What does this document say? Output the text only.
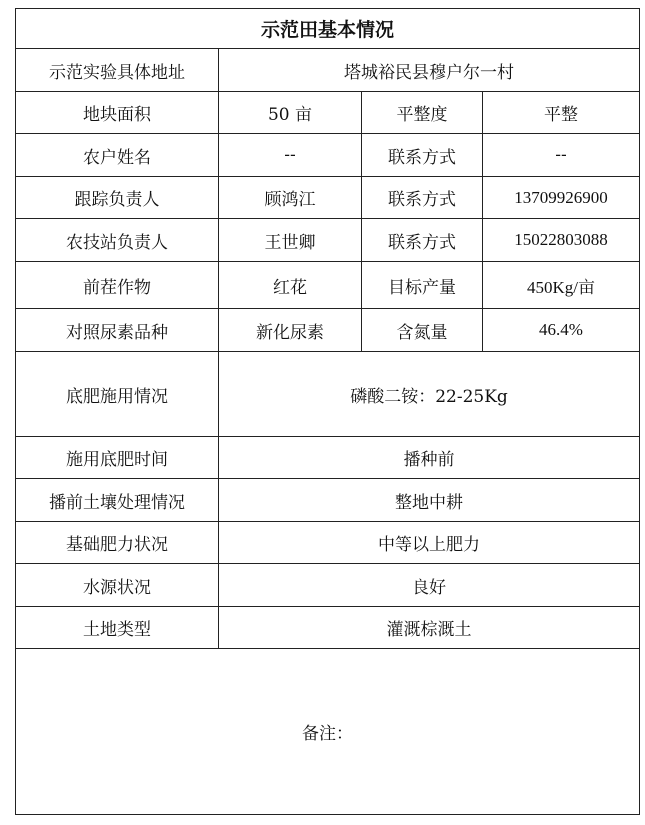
示范田基本情况			
示范实验具体地址	塔城裕民县穆户尔一村		
地块面积	50 亩	平整度	平整
农户姓名	--	联系方式	--
跟踪负责人	顾鸿江	联系方式	13709926900
农技站负责人	王世卿	联系方式	15022803088
前茬作物	红花	目标产量	450Kg/亩
对照尿素品种	新化尿素	含氮量	46.4%
底肥施用情况	磷酸二铵：22-25Kg		
施用底肥时间	播种前		
播前土壤处理情况	整地中耕		
基础肥力状况	中等以上肥力		
水源状况	良好		
土地类型	灌溉棕溉土		
备注：			
